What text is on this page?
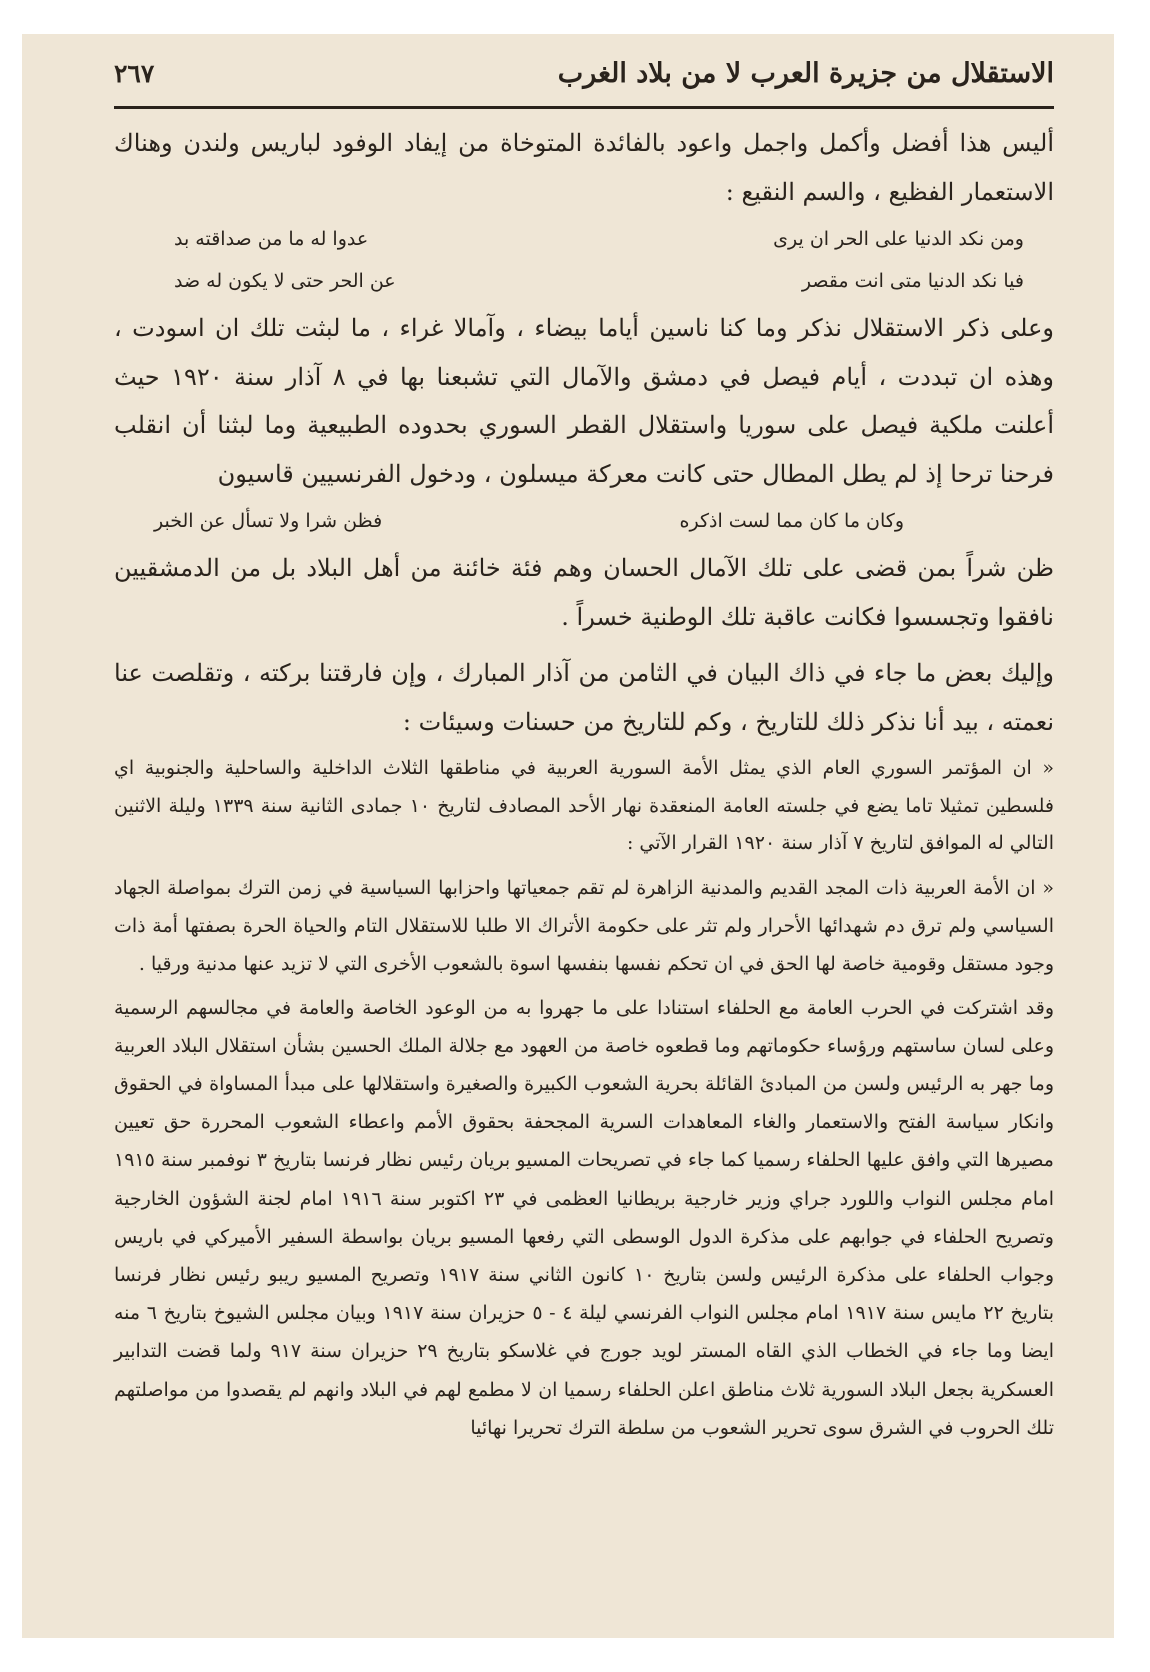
الاستقلال من جزيرة العرب لا من بلاد الغرب
٢٦٧

أليس هذا أفضل وأكمل واجمل واعود بالفائدة المتوخاة من إيفاد الوفود لباريس ولندن وهناك الاستعمار الفظيع ، والسم النقيع :

ومن نكد الدنيا على الحر ان يرى
عدوا له ما من صداقته بد
فيا نكد الدنيا متى انت مقصر
عن الحر حتى لا يكون له ضد

وعلى ذكر الاستقلال نذكر وما كنا ناسين أياما بيضاء ، وآمالا غراء ، ما لبثت تلك ان اسودت ، وهذه ان تبددت ، أيام فيصل في دمشق والآمال التي تشبعنا بها في ٨ آذار سنة ١٩٢٠ حيث أعلنت ملكية فيصل على سوريا واستقلال القطر السوري بحدوده الطبيعية وما لبثنا أن انقلب فرحنا ترحا إذ لم يطل المطال حتى كانت معركة ميسلون ، ودخول الفرنسيين قاسيون

وكان ما كان مما لست اذكره
فظن شرا ولا تسأل عن الخبر

ظن شراً بمن قضى على تلك الآمال الحسان وهم فئة خائنة من أهل البلاد بل من الدمشقيين نافقوا وتجسسوا فكانت عاقبة تلك الوطنية خسراً .

وإليك بعض ما جاء في ذاك البيان في الثامن من آذار المبارك ، وإن فارقتنا بركته ، وتقلصت عنا نعمته ، بيد أنا نذكر ذلك للتاريخ ، وكم للتاريخ من حسنات وسيئات :

« ان المؤتمر السوري العام الذي يمثل الأمة السورية العربية في مناطقها الثلاث الداخلية والساحلية والجنوبية اي فلسطين تمثيلا تاما يضع في جلسته العامة المنعقدة نهار الأحد المصادف لتاريخ ١٠ جمادى الثانية سنة ١٣٣٩ وليلة الاثنين التالي له الموافق لتاريخ ٧ آذار سنة ١٩٢٠ القرار الآتي :

« ان الأمة العربية ذات المجد القديم والمدنية الزاهرة لم تقم جمعياتها واحزابها السياسية في زمن الترك بمواصلة الجهاد السياسي ولم ترق دم شهدائها الأحرار ولم تثر على حكومة الأتراك الا طلبا للاستقلال التام والحياة الحرة بصفتها أمة ذات وجود مستقل وقومية خاصة لها الحق في ان تحكم نفسها بنفسها اسوة بالشعوب الأخرى التي لا تزيد عنها مدنية ورقيا .

وقد اشتركت في الحرب العامة مع الحلفاء استنادا على ما جهروا به من الوعود الخاصة والعامة في مجالسهم الرسمية وعلى لسان ساستهم ورؤساء حكوماتهم وما قطعوه خاصة من العهود مع جلالة الملك الحسين بشأن استقلال البلاد العربية وما جهر به الرئيس ولسن من المبادئ القائلة بحرية الشعوب الكبيرة والصغيرة واستقلالها على مبدأ المساواة في الحقوق وانكار سياسة الفتح والاستعمار والغاء المعاهدات السرية المجحفة بحقوق الأمم واعطاء الشعوب المحررة حق تعيين مصيرها التي وافق عليها الحلفاء رسميا كما جاء في تصريحات المسيو بريان رئيس نظار فرنسا بتاريخ ٣ نوفمبر سنة ١٩١٥ امام مجلس النواب واللورد جراي وزير خارجية بريطانيا العظمى في ٢٣ اكتوبر سنة ١٩١٦ امام لجنة الشؤون الخارجية وتصريح الحلفاء في جوابهم على مذكرة الدول الوسطى التي رفعها المسيو بريان بواسطة السفير الأميركي في باريس وجواب الحلفاء على مذكرة الرئيس ولسن بتاريخ ١٠ كانون الثاني سنة ١٩١٧ وتصريح المسيو ريبو رئيس نظار فرنسا بتاريخ ٢٢ مايس سنة ١٩١٧ امام مجلس النواب الفرنسي ليلة ٤ - ٥ حزيران سنة ١٩١٧ وبيان مجلس الشيوخ بتاريخ ٦ منه ايضا وما جاء في الخطاب الذي القاه المستر لويد جورج في غلاسكو بتاريخ ٢٩ حزيران سنة ٩١٧ ولما قضت التدابير العسكرية بجعل البلاد السورية ثلاث مناطق اعلن الحلفاء رسميا ان لا مطمع لهم في البلاد وانهم لم يقصدوا من مواصلتهم تلك الحروب في الشرق سوى تحرير الشعوب من سلطة الترك تحريرا نهائيا
